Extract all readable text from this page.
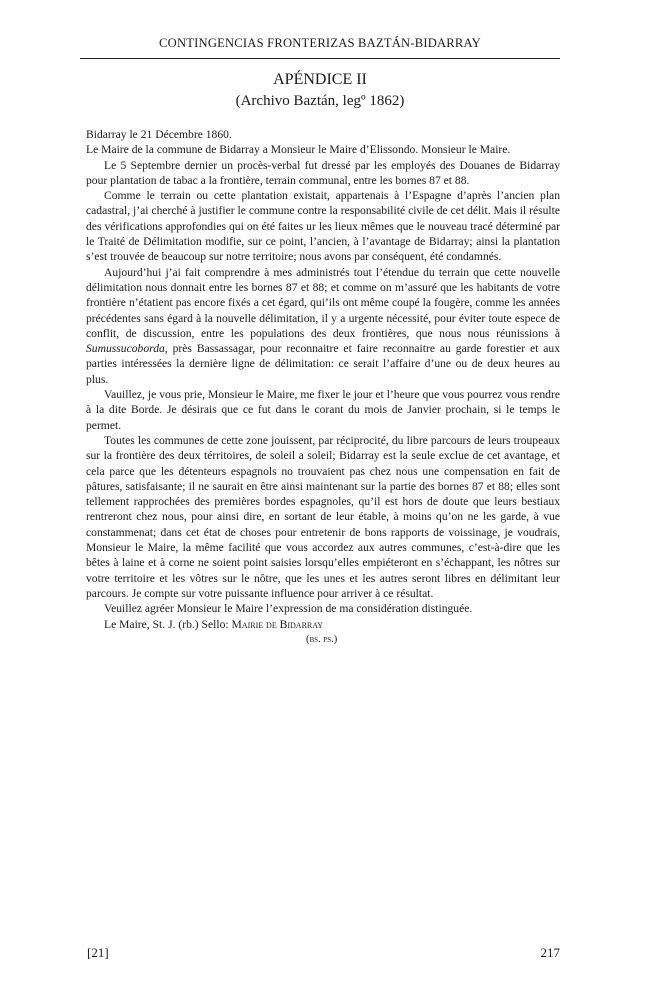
CONTINGENCIAS FRONTERIZAS BAZTÁN-BIDARRAY
APÉNDICE II
(Archivo Baztán, legº 1862)

Bidarray le 21 Décembre 1860.

Le Maire de la commune de Bidarray a Monsieur le Maire d’Elissondo. Monsieur le Maire.

Le 5 Septembre dernier un procès-verbal fut dressé par les employés des Douanes de Bidarray pour plantation de tabac a la frontière, terrain communal, entre les bornes 87 et 88.

Comme le terrain ou cette plantation existait, appartenais à l’Espagne d’après l’ancien plan cadastral, j’ai cherché à justifier le commune contre la responsabilité civile de cet délit. Mais il résulte des vérifications approfondies qui on été faites ur les lieux mêmes que le nouveau tracé déterminé par le Traité de Délimitation modifie, sur ce point, l’ancien, à l’avantage de Bidarray; ainsi la plantation s’est trouvée de beaucoup sur notre territoire; nous avons par conséquent, été condamnés.

Aujourd’hui j’ai fait comprendre à mes administrés tout l’étendue du terrain que cette nouvelle délimitation nous donnait entre les bornes 87 et 88; et comme on m’assuré que les habitants de votre frontière n’étatient pas encore fixés a cet égard, qui’ils ont même coupé la fougère, comme les années précédentes sans égard à la nouvelle délimitation, il y a urgente nécessité, pour éviter toute espece de conflit, de discussion, entre les populations des deux frontières, que nous nous réunissions à Sumussucoborda, près Bassassagar, pour reconnaitre et faire reconnaitre au garde forestier et aux parties intéressées la dernière ligne de délimitation: ce serait l’affaire d’une ou de deux heures au plus.

Vauillez, je vous prie, Monsieur le Maire, me fixer le jour et l’heure que vous pourrez vous rendre à la dite Borde. Je désirais que ce fut dans le corant du mois de Janvier prochain, si le temps le permet.

Toutes les communes de cette zone jouissent, par réciprocité, du libre parcours de leurs troupeaux sur la frontière des deux térritoires, de soleil a soleil; Bidarray est la seule exclue de cet avantage, et cela parce que les détenteurs espagnols no trouvaient pas chez nous une compensation en fait de pâtures, satisfaisante; il ne saurait en être ainsi maintenant sur la partie des bornes 87 et 88; elles sont tellement rapprochées des premières bordes espagnoles, qu’il est hors de doute que leurs bestiaux rentreront chez nous, pour ainsi dire, en sortant de leur étable, à moins qu’on ne les garde, à vue constammenat; dans cet état de choses pour entretenir de bons rapports de voissinage, je voudrais, Monsieur le Maire, la même facilité que vous accordez aux autres communes, c’est-à-dire que les bêtes à laine et à corne ne soient point saisies lorsqu’elles empiéteront en s’échappant, les nôtres sur votre territoire et les vôtres sur le nôtre, que les unes et les autres seront libres en délimitant leur parcours. Je compte sur votre puissante influence pour arriver à ce résultat.

Veuillez agréer Monsieur le Maire l’expression de ma considération distinguée.

Le Maire, St. J. (rb.) Sello: Mairie de Bidarray

(bs. ps.)

[21]	217
